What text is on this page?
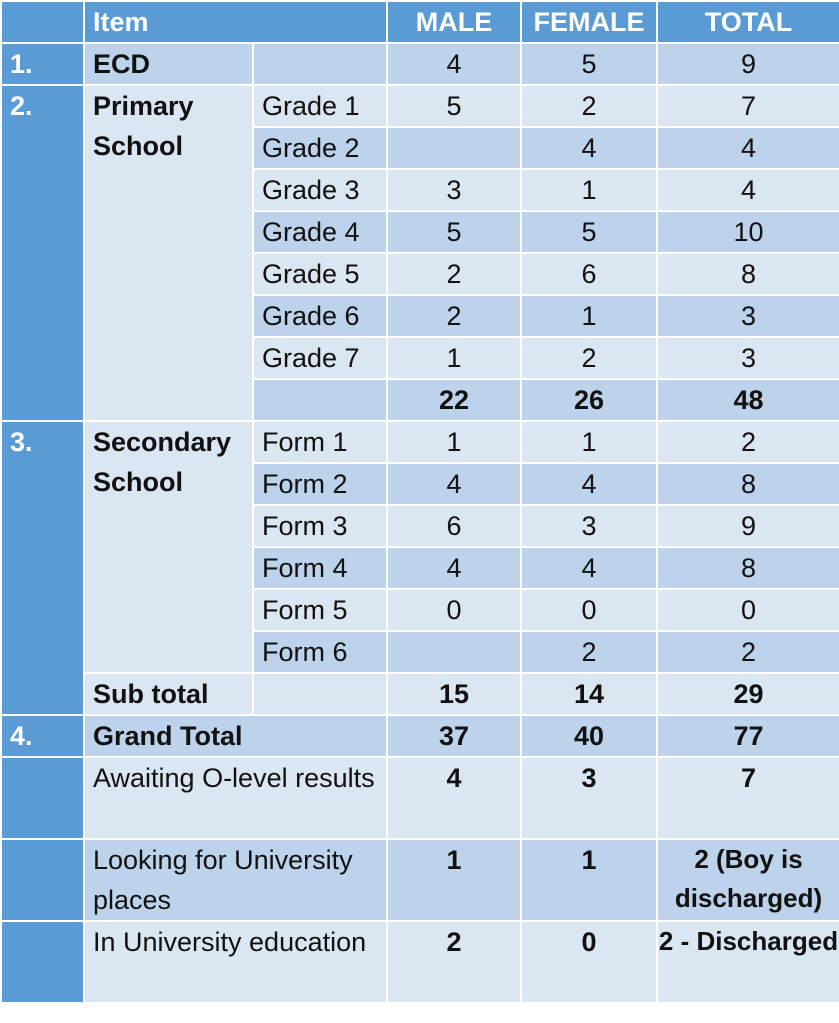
	Item		MALE	FEMALE	TOTAL
1.	ECD		4	5	9
2.	Primary School	Grade 1	5	2	7
		Grade 2		4	4
		Grade 3	3	1	4
		Grade 4	5	5	10
		Grade 5	2	6	8
		Grade 6	2	1	3
		Grade 7	1	2	3
			22	26	48
3.	Secondary School	Form 1	1	1	2
		Form 2	4	4	8
		Form 3	6	3	9
		Form 4	4	4	8
		Form 5	0	0	0
		Form 6		2	2
	Sub total		15	14	29
4.	Grand Total		37	40	77
	Awaiting O-level results		4	3	7
	Looking for University places		1	1	2 (Boy is discharged)
	In University education		2	0	2 - Discharged
